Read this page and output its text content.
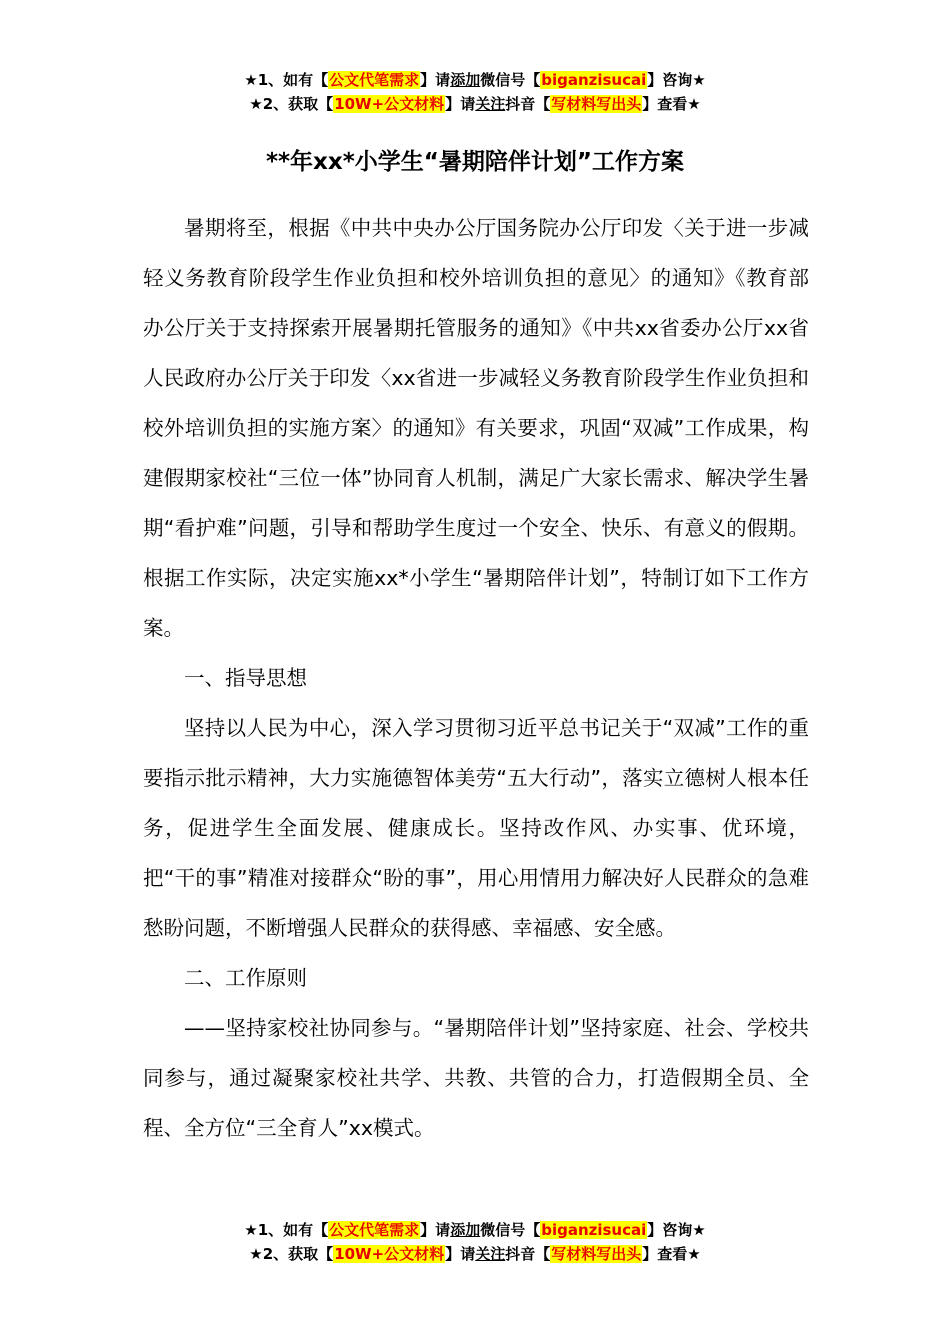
★1、如有【公文代笔需求】请添加微信号【biganzisucai】咨询★
★2、获取【10W+公文材料】请关注抖音【写材料写出头】查看★
**年xx*小学生“暑期陪伴计划”工作方案

暑期将至，根据《中共中央办公厅国务院办公厅印发〈关于进一步减轻义务教育阶段学生作业负担和校外培训负担的意见〉的通知》《教育部办公厅关于支持探索开展暑期托管服务的通知》《中共xx省委办公厅xx省人民政府办公厅关于印发〈xx省进一步减轻义务教育阶段学生作业负担和校外培训负担的实施方案〉的通知》有关要求，巩固“双减”工作成果，构建假期家校社“三位一体”协同育人机制，满足广大家长需求、解决学生暑期“看护难”问题，引导和帮助学生度过一个安全、快乐、有意义的假期。根据工作实际，决定实施xx*小学生“暑期陪伴计划”，特制订如下工作方案。

一、指导思想

坚持以人民为中心，深入学习贯彻习近平总书记关于“双减”工作的重要指示批示精神，大力实施德智体美劳“五大行动”，落实立德树人根本任务，促进学生全面发展、健康成长。坚持改作风、办实事、优环境，把“干的事”精准对接群众“盼的事”，用心用情用力解决好人民群众的急难愁盼问题，不断增强人民群众的获得感、幸福感、安全感。

二、工作原则

——坚持家校社协同参与。“暑期陪伴计划”坚持家庭、社会、学校共同参与，通过凝聚家校社共学、共教、共管的合力，打造假期全员、全程、全方位“三全育人”xx模式。

★1、如有【公文代笔需求】请添加微信号【biganzisucai】咨询★
★2、获取【10W+公文材料】请关注抖音【写材料写出头】查看★
